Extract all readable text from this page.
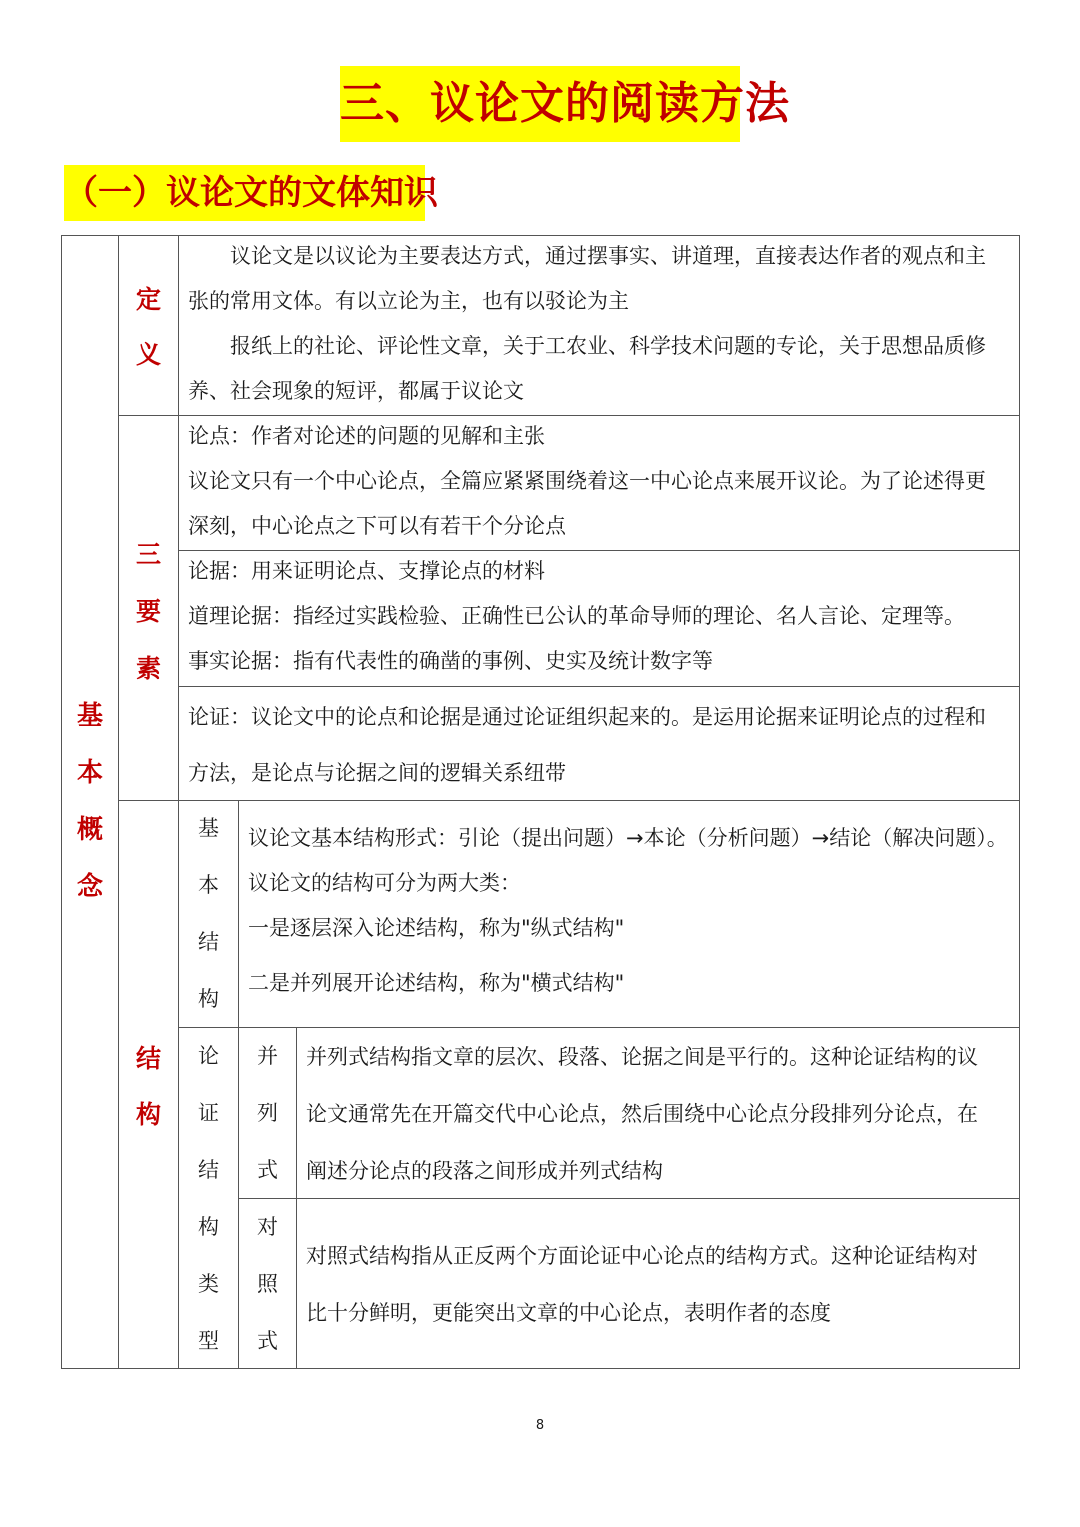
三、议论文的阅读方法
（一）议论文的文体知识
基
本
概
念
定
义

议论文是以议论为主要表达方式，通过摆事实、讲道理，直接表达作者的观点和主

张的常用文体。有以立论为主，也有以驳论为主

报纸上的社论、评论性文章，关于工农业、科学技术问题的专论，关于思想品质修

养、社会现象的短评，都属于议论文

三
要
素

论点：作者对论述的问题的见解和主张

议论文只有一个中心论点，全篇应紧紧围绕着这一中心论点来展开议论。为了论述得更

深刻，中心论点之下可以有若干个分论点

论据：用来证明论点、支撑论点的材料

道理论据：指经过实践检验、正确性已公认的革命导师的理论、名人言论、定理等。

事实论据：指有代表性的确凿的事例、史实及统计数字等

论证：议论文中的论点和论据是通过论证组织起来的。是运用论据来证明论点的过程和

方法，是论点与论据之间的逻辑关系纽带

结
构
基
本
结
构

议论文基本结构形式：引论（提出问题）→本论（分析问题）→结论（解决问题）。

议论文的结构可分为两大类：

一是逐层深入论述结构，称为"纵式结构"

二是并列展开论述结构，称为"横式结构"

论
证
结
构
类
型
并
列
式

并列式结构指文章的层次、段落、论据之间是平行的。这种论证结构的议

论文通常先在开篇交代中心论点，然后围绕中心论点分段排列分论点，在

阐述分论点的段落之间形成并列式结构

对
照
式

对照式结构指从正反两个方面论证中心论点的结构方式。这种论证结构对

比十分鲜明，更能突出文章的中心论点，表明作者的态度

8
